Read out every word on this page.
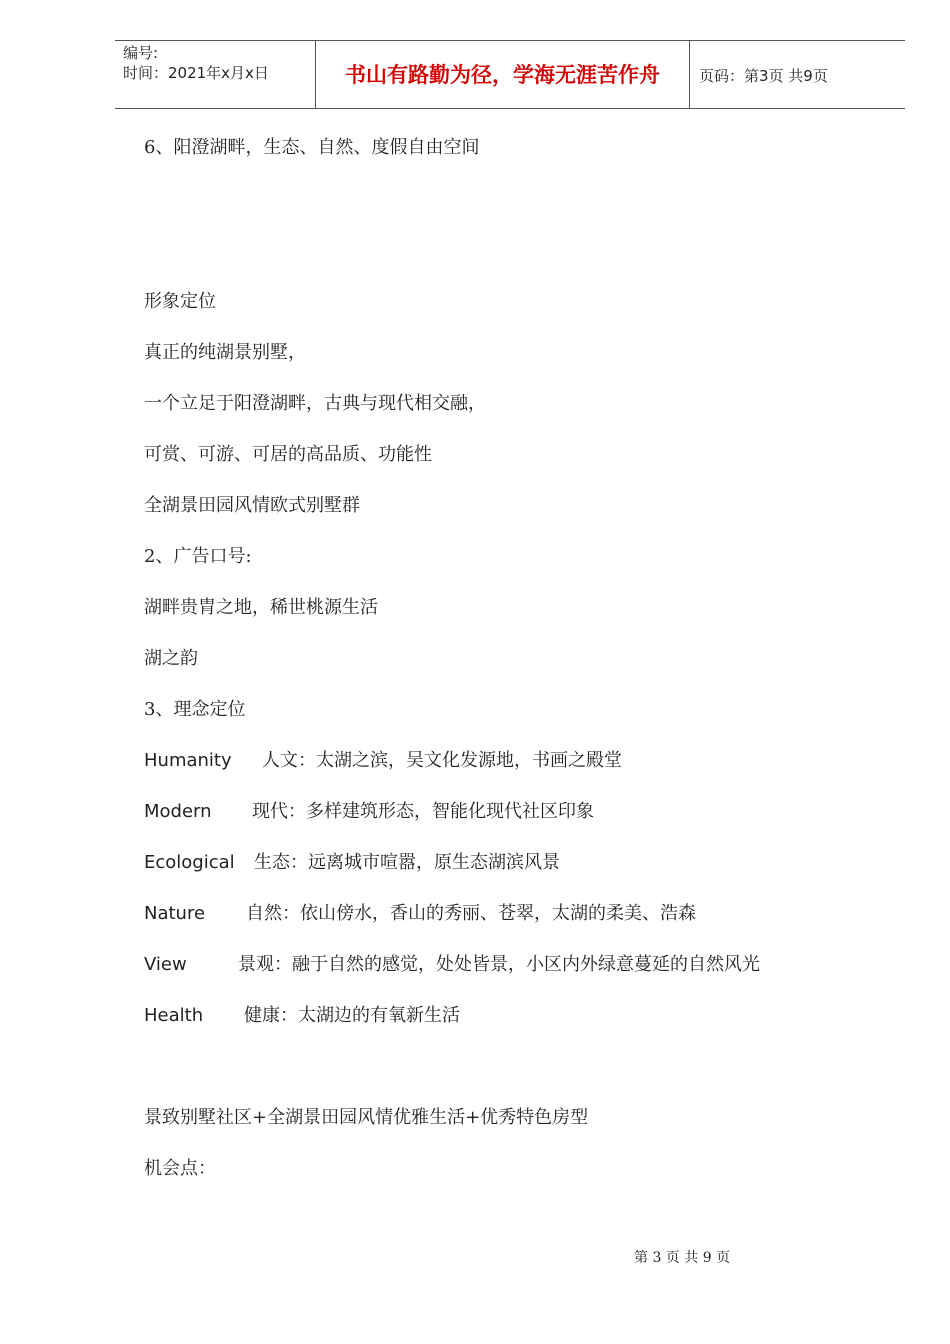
编号:
时间：2021年x月x日	书山有路勤为径，学海无涯苦作舟	页码：第3页 共9页
6、阳澄湖畔，生态、自然、度假自由空间
形象定位
真正的纯湖景别墅，
一个立足于阳澄湖畔，古典与现代相交融，
可赏、可游、可居的高品质、功能性
全湖景田园风情欧式别墅群
2、广告口号:
湖畔贵胄之地，稀世桃源生活
湖之韵
3、理念定位
Humanity 人文：太湖之滨，吴文化发源地，书画之殿堂
Modern 现代：多样建筑形态，智能化现代社区印象
Ecological 生态：远离城市喧嚣，原生态湖滨风景
Nature 自然：依山傍水，香山的秀丽、苍翠，太湖的柔美、浩森
View	景观：融于自然的感觉，处处皆景，小区内外绿意蔓延的自然风光
Health 健康：太湖边的有氧新生活
景致别墅社区+全湖景田园风情优雅生活+优秀特色房型
机会点：
第 3 页 共 9 页
